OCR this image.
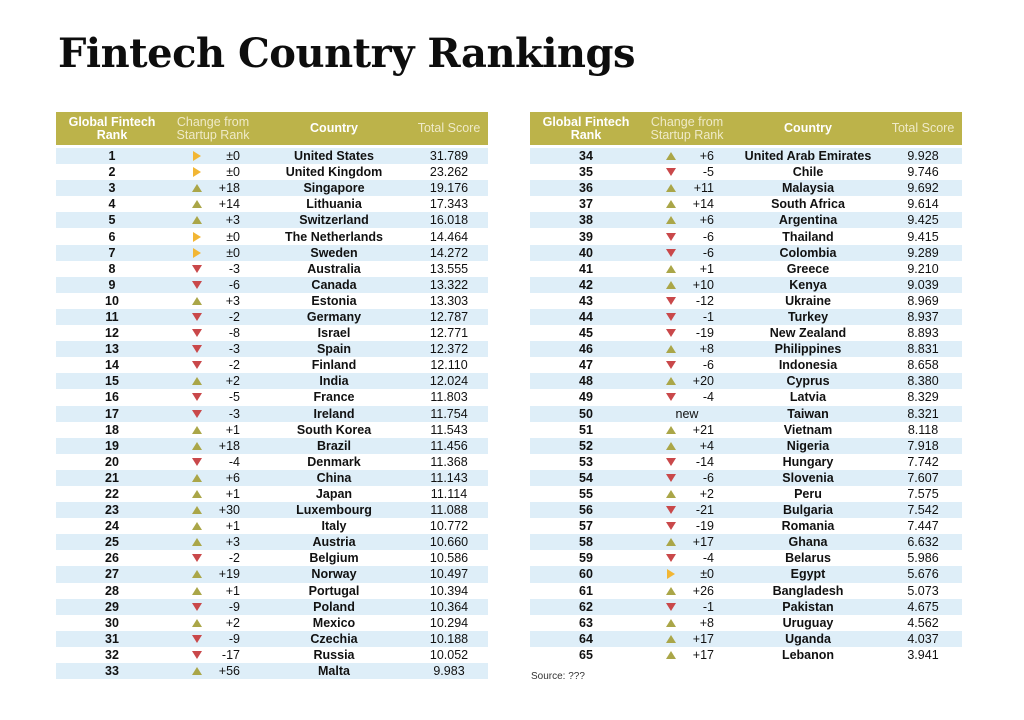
Fintech Country Rankings
Global Fintech Rank
Change from Startup Rank	Country	Total Score
1	±0	United States	31.789
2	±0	United Kingdom	23.262
3	+18	Singapore	19.176
4	+14	Lithuania	17.343
5	+3	Switzerland	16.018
6	±0	The Netherlands	14.464
7	±0	Sweden	14.272
8	-3	Australia	13.555
9	-6	Canada	13.322
10	+3	Estonia	13.303
11	-2	Germany	12.787
12	-8	Israel	12.771
13	-3	Spain	12.372
14	-2	Finland	12.110
15	+2	India	12.024
16	-5	France	11.803
17	-3	Ireland	11.754
18	+1	South Korea	11.543
19	+18	Brazil	11.456
20	-4	Denmark	11.368
21	+6	China	11.143
22	+1	Japan	11.114
23	+30	Luxembourg	11.088
24	+1	Italy	10.772
25	+3	Austria	10.660
26	-2	Belgium	10.586
27	+19	Norway	10.497
28	+1	Portugal	10.394
29	-9	Poland	10.364
30	+2	Mexico	10.294
31	-9	Czechia	10.188
32	-17	Russia	10.052
33	+56	Malta	9.983
Global Fintech Rank
Change from Startup Rank	Country	Total Score
34	+6	United Arab Emirates	9.928
35	-5	Chile	9.746
36	+11	Malaysia	9.692
37	+14	South Africa	9.614
38	+6	Argentina	9.425
39	-6	Thailand	9.415
40	-6	Colombia	9.289
41	+1	Greece	9.210
42	+10	Kenya	9.039
43	-12	Ukraine	8.969
44	-1	Turkey	8.937
45	-19	New Zealand	8.893
46	+8	Philippines	8.831
47	-6	Indonesia	8.658
48	+20	Cyprus	8.380
49	-4	Latvia	8.329
50	new	Taiwan	8.321
51	+21	Vietnam	8.118
52	+4	Nigeria	7.918
53	-14	Hungary	7.742
54	-6	Slovenia	7.607
55	+2	Peru	7.575
56	-21	Bulgaria	7.542
57	-19	Romania	7.447
58	+17	Ghana	6.632
59	-4	Belarus	5.986
60	±0	Egypt	5.676
61	+26	Bangladesh	5.073
62	-1	Pakistan	4.675
63	+8	Uruguay	4.562
64	+17	Uganda	4.037
65	+17	Lebanon	3.941
Source: ???
